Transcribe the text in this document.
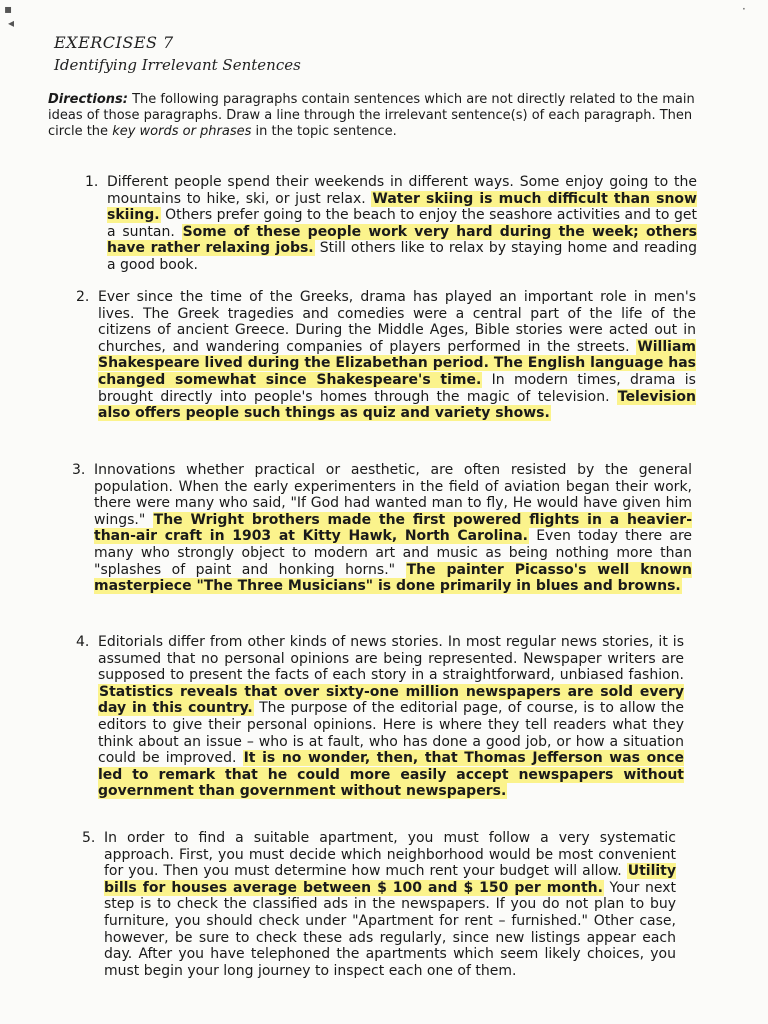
▪
◂
·
EXERCISES 7
Identifying Irrelevant Sentences
Directions: The following paragraphs contain sentences which are not directly related to the main ideas of those paragraphs. Draw a line through the irrelevant sentence(s) of each paragraph. Then circle the key words or phrases in the topic sentence.
1. Different people spend their weekends in different ways. Some enjoy going to the mountains to hike, ski, or just relax. Water skiing is much difficult than snow skiing. Others prefer going to the beach to enjoy the seashore activities and to get a suntan. Some of these people work very hard during the week; others have rather relaxing jobs. Still others like to relax by staying home and reading a good book.
2. Ever since the time of the Greeks, drama has played an important role in men's lives. The Greek tragedies and comedies were a central part of the life of the citizens of ancient Greece. During the Middle Ages, Bible stories were acted out in churches, and wandering companies of players performed in the streets. William Shakespeare lived during the Elizabethan period. The English language has changed somewhat since Shakespeare's time. In modern times, drama is brought directly into people's homes through the magic of television. Television also offers people such things as quiz and variety shows.
3. Innovations whether practical or aesthetic, are often resisted by the general population. When the early experimenters in the field of aviation began their work, there were many who said, "If God had wanted man to fly, He would have given him wings." The Wright brothers made the first powered flights in a heavier-than-air craft in 1903 at Kitty Hawk, North Carolina. Even today there are many who strongly object to modern art and music as being nothing more than "splashes of paint and honking horns." The painter Picasso's well known masterpiece "The Three Musicians" is done primarily in blues and browns.
4. Editorials differ from other kinds of news stories. In most regular news stories, it is assumed that no personal opinions are being represented. Newspaper writers are supposed to present the facts of each story in a straightforward, unbiased fashion. Statistics reveals that over sixty-one million newspapers are sold every day in this country. The purpose of the editorial page, of course, is to allow the editors to give their personal opinions. Here is where they tell readers what they think about an issue – who is at fault, who has done a good job, or how a situation could be improved. It is no wonder, then, that Thomas Jefferson was once led to remark that he could more easily accept newspapers without government than government without newspapers.
5. In order to find a suitable apartment, you must follow a very systematic approach. First, you must decide which neighborhood would be most convenient for you. Then you must determine how much rent your budget will allow. Utility bills for houses average between $ 100 and $ 150 per month. Your next step is to check the classified ads in the newspapers. If you do not plan to buy furniture, you should check under "Apartment for rent – furnished." Other case, however, be sure to check these ads regularly, since new listings appear each day. After you have telephoned the apartments which seem likely choices, you must begin your long journey to inspect each one of them.
